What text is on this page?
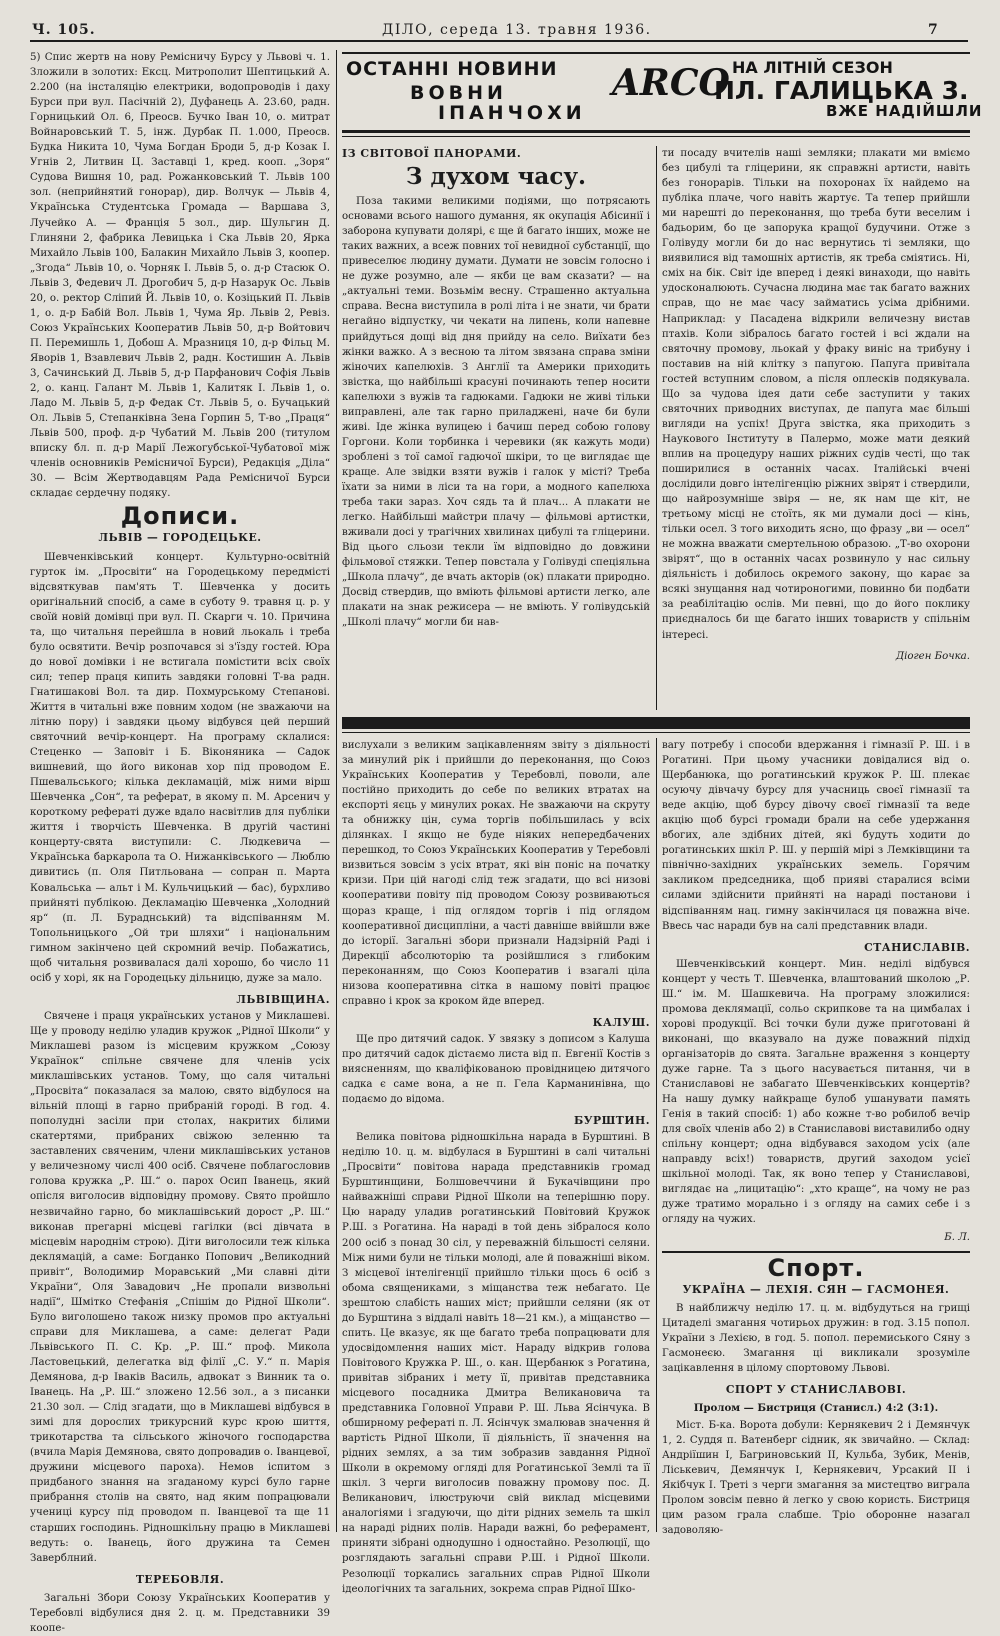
Ч. 105.	ДІЛО, середа 13. травня 1936.	7

5) Спис жертв на нову Ремісничу Бурсу у Львові ч. 1. Зложили в золотих: Ексц. Митрополит Шептицький А. 2.200 (на інсталяцію електрики, водопроводів і даху Бурси при вул. Пасічній 2), Дуфанець А. 23.60, радн. Горницький Ол. 6, Преосв. Бучко Іван 10, о. митрат Войнаровський Т. 5, інж. Дурбак П. 1.000, Преосв. Будка Никита 10, Чума Богдан Броди 5, д-р Козак І. Угнів 2, Литвин Ц. Заставці 1, кред. кооп. „Зоря“ Судова Вишня 10, рад. Рожанковський Т. Львів 100 зол. (неприйнятий гонорар), дир. Волчук — Львів 4, Українська Студентська Громада — Варшава 3, Лучейко А. — Франція 5 зол., дир. Шульгин Д. Глиняни 2, фабрика Левицька і Ска Львів 20, Ярка Михайло Львів 100, Балакин Михайло Львів 3, коопер. „Згода“ Львів 10, о. Чорняк І. Львів 5, о. д-р Стасюк О. Львів 3, Федевич Л. Дрогобич 5, д-р Назарук Ос. Львів 20, о. ректор Сліпий Й. Львів 10, о. Козіцький П. Львів 1, о. д-р Бабій Вол. Львів 1, Чума Яр. Львів 2, Ревіз. Союз Українських Кооператив Львів 50, д-р Войтович П. Перемишль 1, Добош А. Мразниця 10, д-р Фільц М. Яворів 1, Взавлевич Львів 2, радн. Костишин А. Львів 3, Сачинський Д. Львів 5, д-р Парфанович Софія Львів 2, о. канц. Галант М. Львів 1, Калитяк І. Львів 1, о. Ладо М. Львів 5, д-р Федак Ст. Львів 5, о. Бучацький Ол. Львів 5, Степанківна Зена Горпин 5, Т-во „Праця“ Львів 500, проф. д-р Чубатий М. Львів 200 (титулом вписку бл. п. д-р Марії Лежогубської-Чубатової між членів основників Ремісничої Бурси), Редакція „Діла“ 30. — Всім Жертводавцям Рада Ремісничої Бурси складає сердечну подяку.

Дописи.
ЛЬВІВ — ГОРОДЕЦЬКЕ.

Шевченківський концерт. Культурно-освітній гурток ім. „Просвіти“ на Городецькому передмісті відсвяткував пам'ять Т. Шевченка у досить оригінальний спосіб, а саме в суботу 9. травня ц. р. у своїй новій домівці при вул. П. Скарги ч. 10. Причина та, що читальня перейшла в новий льокаль і треба було освятити. Вечір розпочався зі з'їзду гостей. Юра до нової домівки і не встигала помістити всіх своїх сил; тепер праця кипить завдяки головні Т-ва радн. Гнатишакові Вол. та дир. Похмурському Степанові. Життя в читальні вже повним ходом (не зважаючи на літню пору) і завдяки цьому відбувся цей перший святочний вечір-концерт. На програму склалися: Стеценко — Заповіт і Б. Віконяника — Садок вишневий, що його виконав хор під проводом Е. Пшевальського; кілька декламацій, між ними вірш Шевченка „Сон“, та реферат, в якому п. М. Арсенич у короткому рефераті дуже вдало насвітлив для публіки життя і творчість Шевченка. В другій частині концерту-свята виступили: С. Людкевича — Українська баркарола та О. Нижанківського — Люблю дивитись (п. Оля Питльована — сопран п. Марта Ковальська — альт і М. Кульчицький — бас), бурхливо прийняті публікою. Декламацію Шевченка „Холодний яр“ (п. Л. Бураднський) та відспіванням М. Топольницького „Ой три шляхи“ і національним гимном закінчено цей скромний вечір. Побажатись, щоб читальня розвивалася далі хорошо, бо число 11 осіб у хорі, як на Городецьку дільницю, дуже за мало.

ЛЬВІВЩИНА.

Свячене і праця українських установ у Миклашеві. Ще у проводу неділю уладив кружок „Рідної Школи“ у Миклашеві разом із місцевим кружком „Союзу Українок“ спільне свячене для членів усіх миклашівських установ. Тому, що саля читальні „Просвіта“ показалася за малою, свято відбулося на вільній площі в гарно прибраній городі. В год. 4. пополудні засіли при столах, накритих білими скатертями, прибраних свіжою зеленню та заставлених свяченим, члени миклашівських установ у величезному числі 400 осіб. Свячене поблагословив голова кружка „Р. Ш.“ о. парох Осип Іванець, який опісля виголосив відповідну промову. Свято пройшло незвичайно гарно, бо миклашівський дорост „Р. Ш.“ виконав прегарні місцеві гагілки (всі дівчата в місцевім народнім строю). Діти виголосили теж кілька деклямацій, а саме: Богданко Попович „Великодний привіт“, Володимир Моравський „Ми славні діти України“, Оля Завадович „Не пропали визвольні надії“, Шмітко Стефанія „Спішім до Рідної Школи“. Було виголошено також низку промов про актуальні справи для Миклашева, а саме: делегат Ради Львівського П. С. Кр. „Р. Ш.“ проф. Микола Ластовецький, делегатка від філії „С. У.“ п. Марія Демянова, д-р Іваків Василь, адвокат з Винник та о. Іванець. На „Р. Ш.“ зложено 12.56 зол., а з писанки 21.30 зол. — Слід згадати, що в Миклашеві відбувся в зимі для дорослих трикурсний курс крою шиття, трикотарства та сільського жіночого господарства (вчила Марія Демянова, свято допровадив о. Іванцевої, дружини місцевого пароха). Немов іспитом з придбаного знання на згаданому курсі було гарне прибрання столів на свято, над яким попрацювали учениці курсу під проводом п. Іванцевої та ще 11 старших господинь. Рідношкільну працю в Миклашеві ведуть: о. Іванець, його дружина та Семен Заверблний.

ТЕРЕБОВЛЯ.

Загальні Збори Союзу Українських Кооператив у Теребовлі відбулися дня 2. ц. м. Представники 39 коопе-

ОСТАННІ НОВИНИ
ВОВНИ
ІПАНЧОХИ
ARCO НА ЛІТНІЙ СЕЗОН
ПЛ. ГАЛИЦЬКА 3.
ВЖЕ НАДІЙШЛИ
ІЗ СВІТОВОЇ ПАНОРАМИ.
З духом часу.

Поза такими великими подіями, що потрясають основами всього нашого думання, як окупація Абісинії і заборона купувати долярі, є ще й багато інших, може не таких важних, а всеж повних тої невидної субстанції, що привеселює людину думати. Думати не зовсім голосно і не дуже розумно, але — якби це вам сказати? — на „актуальні теми. Возьмім весну. Страшенно актуальна справа. Весна виступила в ролі літа і не знати, чи брати негайно відпустку, чи чекати на липень, коли напевне прийдуться дощі від дня прийду на село. Виїхати без жінки важко. А з весною та літом звязана справа зміни жіночих капелюхів. З Англії та Америки приходить звістка, що найбільші красуні починають тепер носити капелюхи з вужів та гадюками. Гадюки не живі тільки виправлені, але так гарно приладжені, наче би були живі. Іде жінка вулицею і бачиш перед собою голову Горгони. Коли торбинка і черевики (як кажуть моди) зроблені з тої самої гадючої шкіри, то це виглядає ще краще. Але звідки взяти вужів і галок у місті? Треба їхати за ними в ліси та на гори, а модного капелюха треба таки зараз. Хоч сядь та й плач... А плакати не легко. Найбільші майстри плачу — фільмові артистки, вживали досі у трагічних хвилинах цибулі та гліцерини. Від цього сльози текли їм відповідно до довжини фільмової стяжки. Тепер повстала у Голівуді спеціяльна „Школа плачу“, де вчать акторів (ок) плакати природно. Досвід ствердив, що вміють фільмові артисти легко, але плакати на знак режисера — не вміють. У голівудській „Школі плачу“ могли би нав-

ти посаду вчителів наші земляки; плакати ми вміємо без цибулі та гліцерини, як справжні артисти, навіть без гонорарів. Тільки на похоронах їх найдемо на публіка плаче, чого навіть жартує. Та тепер прийшли ми нарешті до переконання, що треба бути веселим і бадьорим, бо це запорука кращої будучини. Отже з Голівуду могли би до нас вернутись ті земляки, що виявилися від тамошніх артистів, як треба сміятись. Ні, сміх на бік. Світ іде вперед і деякі винаходи, що навіть удосконалюють. Сучасна людина має так багато важних справ, що не має часу займатись усіма дрібними. Наприклад: у Пасадена відкрили величезну вистав птахів. Коли зібралось багато гостей і всі ждали на святочну промову, льокай у фраку виніс на трибуну і поставив на ній клітку з папугою. Папуга привітала гостей вступним словом, а після оплесків подякувала. Що за чудова ідея дати себе заступити у таких святочних приводних виступах, де папуга має більші вигляди на успіх! Друга звістка, яка приходить з Наукового Інституту в Палермо, може мати деякий вплив на процедуру наших ріжних судів честі, що так поширилися в останніх часах. Італійські вчені дослідили довго інтелігенцію ріжних звірят і ствердили, що найрозумніше звіря — не, як нам ще кіт, не третьому місці не стоїть, як ми думали досі — кінь, тільки осел. З того виходить ясно, що фразу „ви — осел“ не можна вважати смертельною образою. „Т-во охорони звірят“, що в останніх часах розвинуло у нас сильну діяльність і добилось окремого закону, що карає за всякі знущання над чотироногими, повинно би подбати за реабілітацію ослів. Ми певні, що до його поклику приєдналось би ще багато інших товариств у спільнім інтересі.

Діоген Бочка.

вислухали з великим зацікавленням звіту з діяльності за минулий рік і прийшли до переконання, що Союз Українських Кооператив у Теребовлі, поволи, але постійно приходить до себе по великих втратах на експорті яєць у минулих роках. Не зважаючи на скруту та обнижку цін, сума торгів побільшилась у всіх ділянках. І якщо не буде ніяких непередбачених перешкод, то Союз Українських Кооператив у Теребовлі визвиться зовсім з усіх втрат, які він поніс на початку кризи. При цій нагоді слід теж згадати, що всі низові кооперативи повіту під проводом Союзу розвиваються щораз краще, і під оглядом торгів і під оглядом кооперативної дисципліни, а часті давніше ввійшли вже до історії. Загальні збори признали Надзірній Раді і Дирекції абсолюторію та розійшлися з глибоким переконанням, що Союз Кооператив і взагалі ціла низова кооперативна сітка в нашому повіті працює справно і крок за кроком йде вперед.

КАЛУШ.

Ще про дитячий садок. У звязку з дописом з Калуша про дитячий садок дістаємо листа від п. Евгенії Костів з виясненням, що кваліфікованою провідницею дитячого садка є саме вона, а не п. Гела Карманинівна, що подаємо до відома.

БУРШТИН.

Велика повітова рідношкільна нарада в Бурштині. В неділю 10. ц. м. відбулася в Бурштині в салі читальні „Просвіти“ повітова нарада представників громад Бурштинщини, Болшовеччини й Букачівщини про найважніші справи Рідної Школи на теперішню пору. Цю нараду уладив рогатинський Повітовий Кружок Р.Ш. з Рогатина. На нараді в той день зібралося коло 200 осіб з понад 30 сіл, у переважній більшості селяни. Між ними були не тільки молоді, але й поважніші віком. З місцевої інтелігенції прийшло тільки щось 6 осіб з обома священиками, з міщанства теж небагато. Це зрештою слабість наших міст; прийшли селяни (як от до Бурштина з віддалі навіть 18—21 км.), а міщанство — спить. Це вказує, як ще багато треба попрацювати для удосвідомлення наших міст. Нараду відкрив голова Повітового Кружка Р. Ш., о. кан. Щербанюк з Рогатина, привітав зібраних і мету її, привітав представника місцевого посадника Дмитра Великановича та представника Головної Управи Р. Ш. Льва Ясінчука. В обширному рефераті п. Л. Ясінчук змалював значення й вартість Рідної Школи, її діяльність, її значення на рідних землях, а за тим зобразив завдання Рідної Школи в окремому огляді для Рогатинської Землі та її шкіл. З черги виголосив поважну промову пос. Д. Великанович, ілюструючи свій виклад місцевими аналогіями і згадуючи, що діти рідних земель та шкіл на нараді рідних полів. Наради важні, бо реферамент, приняти зібрані однодушно і одностайно. Резолюції, що розглядають загальні справи Р.Ш. і Рідної Школи. Резолюції торкались загальних справ Рідної Школи ідеологічних та загальних, зокрема справ Рідної Шко-

вагу потребу і способи вдержання і гімназії Р. Ш. і в Рогатині. При цьому учасники довідалися від о. Щербанюка, що рогатинський кружок Р. Ш. плекає осуючу дівчачу бурсу для учасниць своєї гімназії та веде акцію, щоб бурсу дівочу своєї гімназії та веде акцію щоб бурсі громади брали на себе удержання вбогих, але здібних дітей, які будуть ходити до рогатинських шкіл Р. Ш. у першій мірі з Лемківщини та північно-західних українських земель. Горячим закликом председника, щоб прияві старалися всіми силами здійснити прийняті на нараді постанови і відспіванням нац. гимну закінчилася ця поважна віче. Ввесь час наради був на салі представник влади.

СТАНИСЛАВІВ.

Шевченківський концерт. Мин. неділі відбувся концерт у честь Т. Шевченка, влаштований школою „Р. Ш.“ ім. М. Шашкевича. На програму зложилися: промова деклямації, сольо скрипкове та на цимбалах і хорові продукції. Всі точки були дуже приготовані й виконані, що вказувало на дуже поважний підхід організаторів до свята. Загальне враження з концерту дуже гарне. Та з цього насувається питання, чи в Станиславові не забагато Шевченківських концертів? На нашу думку найкраще булоб ушанувати память Генія в такий спосіб: 1) або кожне т-во робилоб вечір для своїх членів або 2) в Станиславові виставилибо одну спільну концерт; одна відбувався заходом усіх (але направду всіх!) товариств, другий заходом усієї шкільної молоді. Так, як воно тепер у Станиславові, виглядає на „лицитацію“: „хто краще“, на чому не раз дуже тратимо морально і з огляду на самих себе і з огляду на чужих.

Б. Л.
Спорт.
УКРАЇНА — ЛЕХІЯ. СЯН — ГАСМОНЕЯ.

В найближчу неділю 17. ц. м. відбудуться на грищі Цитаделі змагання чотирьох дружин: в год. 3.15 попол. України з Лехією, в год. 5. попол. перемиського Сяну з Гасмонеєю. Змагання ці викликали зрозуміле зацікавлення в цілому спортовому Львові.

СПОРТ У СТАНИСЛАВОВІ.
Пролом — Бистриця (Станисл.) 4:2 (3:1).

Міст. Б-ка. Ворота добули: Кернякевич 2 і Демянчук 1, 2. Суддя п. Ватенберг сідник, як звичайно. — Склад: Андріїшин І, Багриновський II, Кульба, Зубик, Менів, Ліськевич, Демянчук І, Кернякевич, Урсакий II і Якібчук І. Треті з черги змагання за мистецтво виграла Пролом зовсім певно й легко у свою користь. Бистриця цим разом грала слабше. Тріо оборонне назагал задоволяю-
